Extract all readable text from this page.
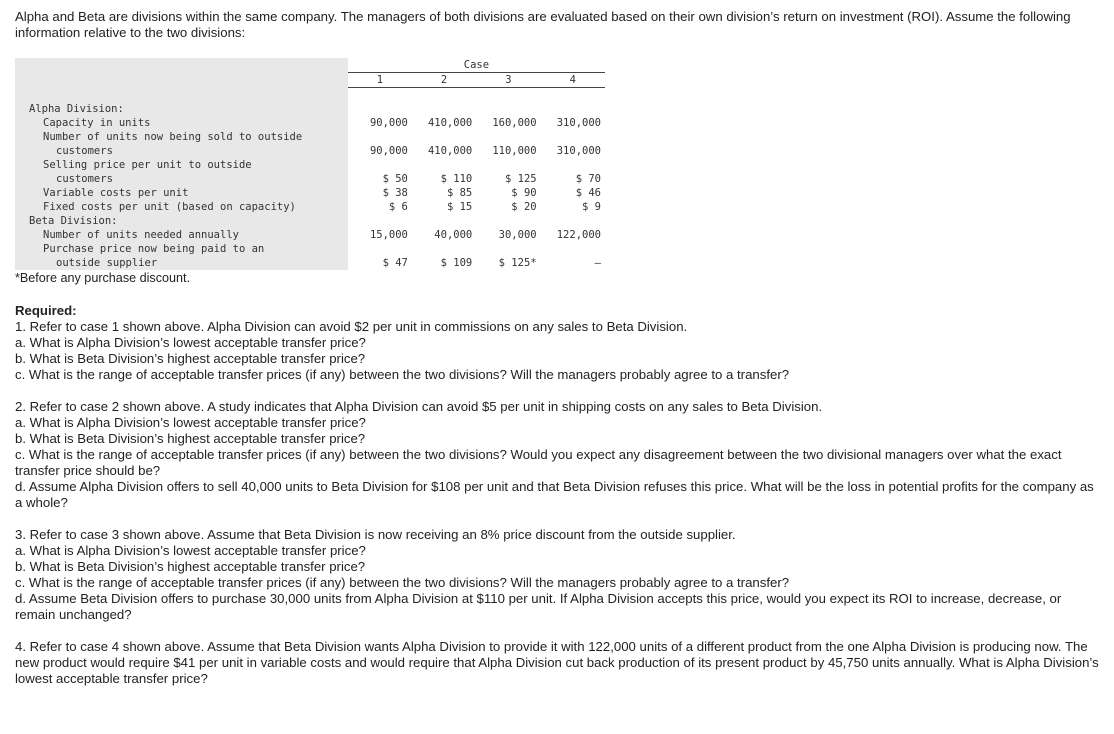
Alpha and Beta are divisions within the same company. The managers of both divisions are evaluated based on their own division’s return on investment (ROI). Assume the following information relative to the two divisions:

	Case			
	1	2	3	4

Alpha Division:				
Capacity in units	90,000	410,000	160,000	310,000
Number of units now being sold to outside				
customers	90,000	410,000	110,000	310,000
Selling price per unit to outside				
customers	$ 50	$ 110	$ 125	$ 70
Variable costs per unit	$ 38	$ 85	$ 90	$ 46
Fixed costs per unit (based on capacity)	$ 6	$ 15	$ 20	$ 9
Beta Division:				
Number of units needed annually	15,000	40,000	30,000	122,000
Purchase price now being paid to an				
outside supplier	$ 47	$ 109	$ 125*	–
*Before any purchase discount.

Required:

1. Refer to case 1 shown above. Alpha Division can avoid $2 per unit in commissions on any sales to Beta Division.

a. What is Alpha Division’s lowest acceptable transfer price?

b. What is Beta Division’s highest acceptable transfer price?

c. What is the range of acceptable transfer prices (if any) between the two divisions? Will the managers probably agree to a transfer?

2. Refer to case 2 shown above. A study indicates that Alpha Division can avoid $5 per unit in shipping costs on any sales to Beta Division.

a. What is Alpha Division’s lowest acceptable transfer price?

b. What is Beta Division’s highest acceptable transfer price?

c. What is the range of acceptable transfer prices (if any) between the two divisions? Would you expect any disagreement between the two divisional managers over what the exact transfer price should be?

d. Assume Alpha Division offers to sell 40,000 units to Beta Division for $108 per unit and that Beta Division refuses this price. What will be the loss in potential profits for the company as a whole?

3. Refer to case 3 shown above. Assume that Beta Division is now receiving an 8% price discount from the outside supplier.

a. What is Alpha Division’s lowest acceptable transfer price?

b. What is Beta Division’s highest acceptable transfer price?

c. What is the range of acceptable transfer prices (if any) between the two divisions? Will the managers probably agree to a transfer?

d. Assume Beta Division offers to purchase 30,000 units from Alpha Division at $110 per unit. If Alpha Division accepts this price, would you expect its ROI to increase, decrease, or remain unchanged?

4. Refer to case 4 shown above. Assume that Beta Division wants Alpha Division to provide it with 122,000 units of a different product from the one Alpha Division is producing now. The new product would require $41 per unit in variable costs and would require that Alpha Division cut back production of its present product by 45,750 units annually. What is Alpha Division’s lowest acceptable transfer price?
